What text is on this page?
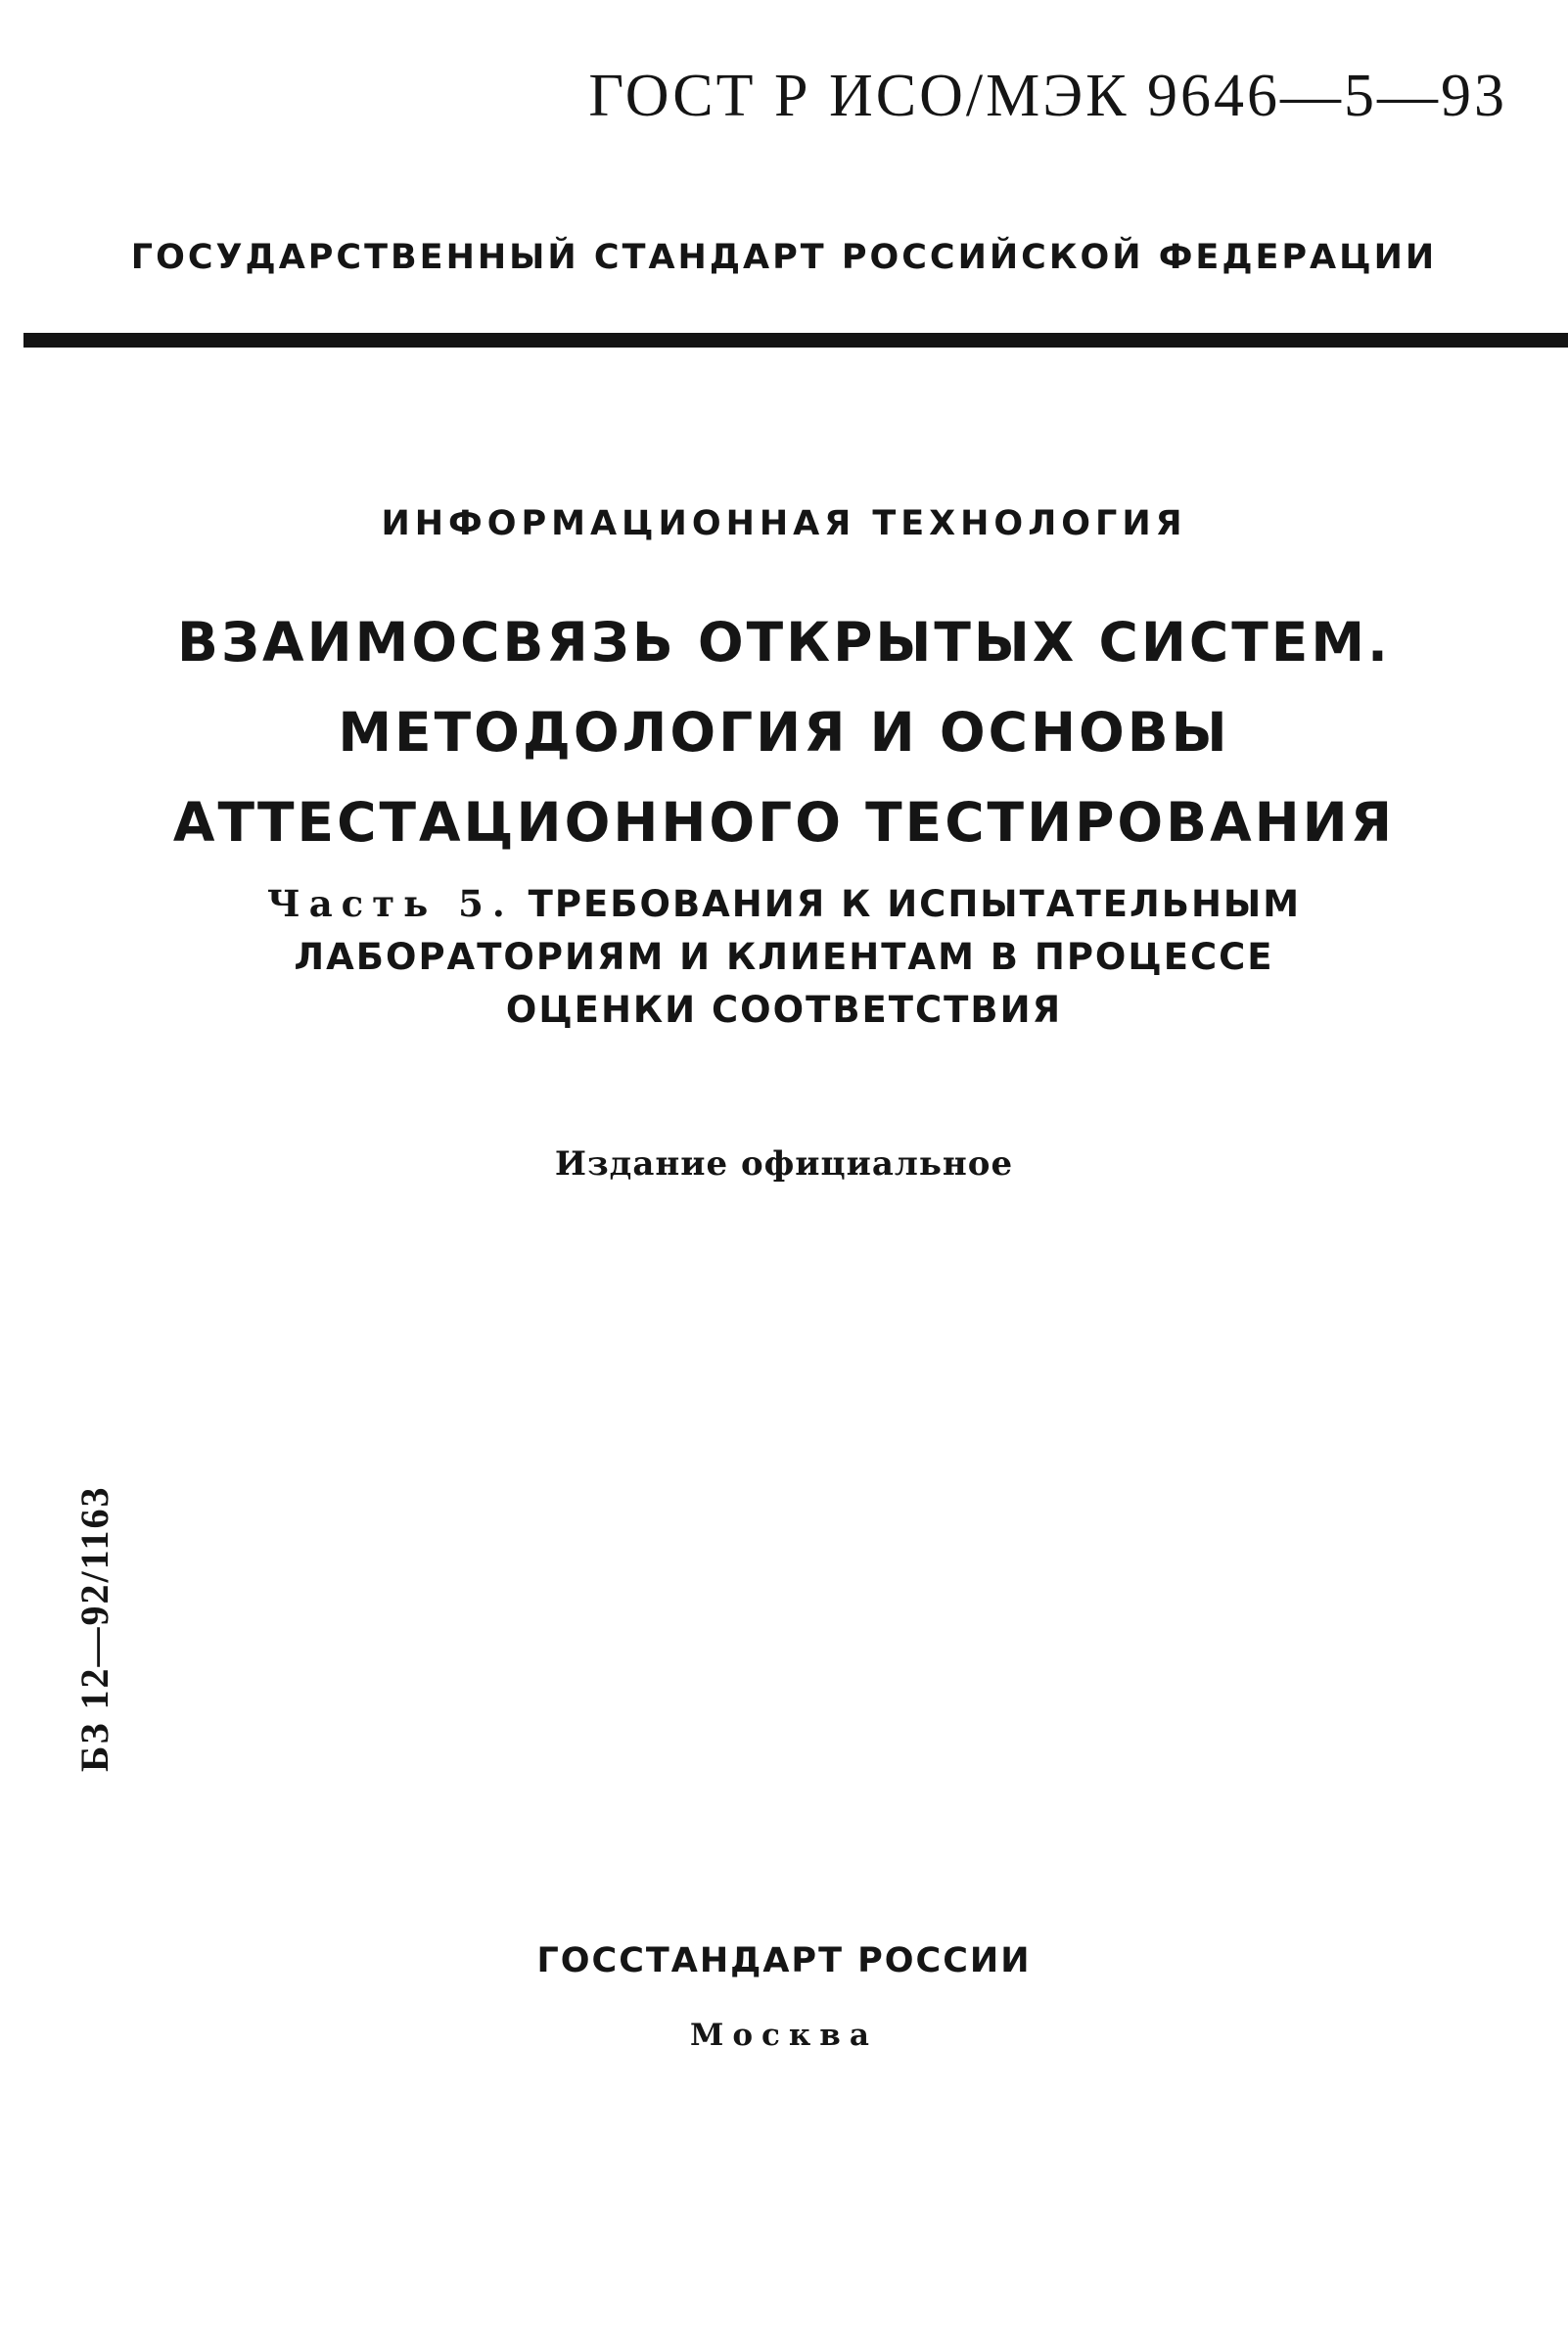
ГОСТ Р ИСО/МЭК 9646—5—93
ГОСУДАРСТВЕННЫЙ СТАНДАРТ РОССИЙСКОЙ ФЕДЕРАЦИИ
ИНФОРМАЦИОННАЯ ТЕХНОЛОГИЯ
ВЗАИМОСВЯЗЬ ОТКРЫТЫХ СИСТЕМ.
МЕТОДОЛОГИЯ И ОСНОВЫ
АТТЕСТАЦИОННОГО ТЕСТИРОВАНИЯ
Часть 5. ТРЕБОВАНИЯ К ИСПЫТАТЕЛЬНЫМ
ЛАБОРАТОРИЯМ И КЛИЕНТАМ В ПРОЦЕССЕ
ОЦЕНКИ СООТВЕТСТВИЯ
Издание официальное
БЗ 12—92/1163
ГОССТАНДАРТ РОССИИ
Москва
